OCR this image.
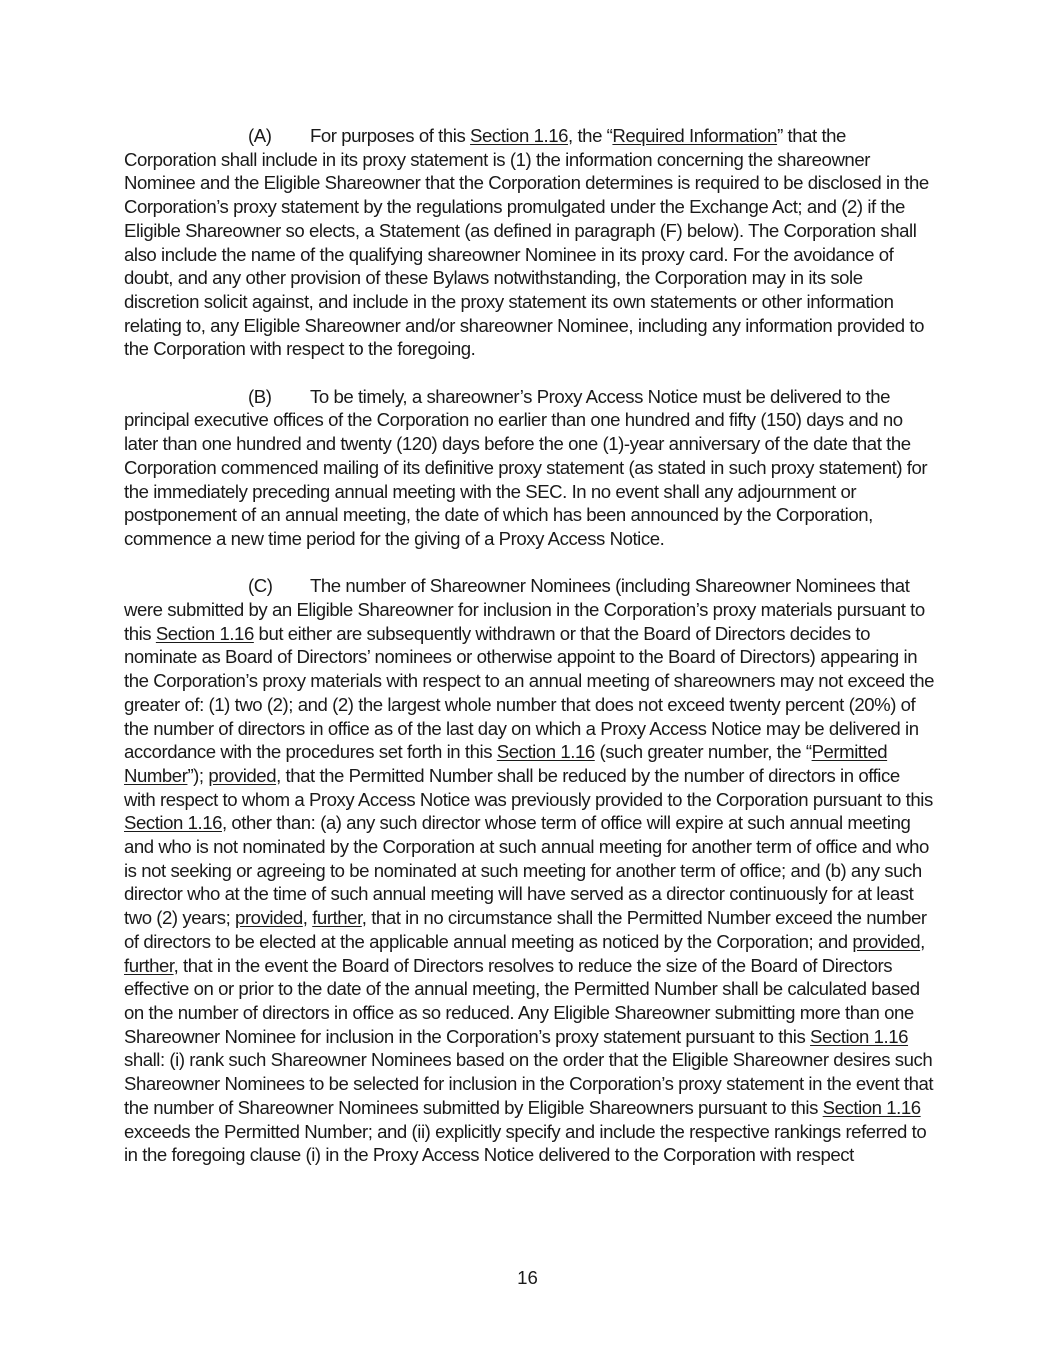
(A) For purposes of this Section 1.16, the “Required Information” that the Corporation shall include in its proxy statement is (1) the information concerning the shareowner Nominee and the Eligible Shareowner that the Corporation determines is required to be disclosed in the Corporation’s proxy statement by the regulations promulgated under the Exchange Act; and (2) if the Eligible Shareowner so elects, a Statement (as defined in paragraph (F) below). The Corporation shall also include the name of the qualifying shareowner Nominee in its proxy card. For the avoidance of doubt, and any other provision of these Bylaws notwithstanding, the Corporation may in its sole discretion solicit against, and include in the proxy statement its own statements or other information relating to, any Eligible Shareowner and/or shareowner Nominee, including any information provided to the Corporation with respect to the foregoing.

(B) To be timely, a shareowner’s Proxy Access Notice must be delivered to the principal executive offices of the Corporation no earlier than one hundred and fifty (150) days and no later than one hundred and twenty (120) days before the one (1)-year anniversary of the date that the Corporation commenced mailing of its definitive proxy statement (as stated in such proxy statement) for the immediately preceding annual meeting with the SEC. In no event shall any adjournment or postponement of an annual meeting, the date of which has been announced by the Corporation, commence a new time period for the giving of a Proxy Access Notice.

(C) The number of Shareowner Nominees (including Shareowner Nominees that were submitted by an Eligible Shareowner for inclusion in the Corporation’s proxy materials pursuant to this Section 1.16 but either are subsequently withdrawn or that the Board of Directors decides to nominate as Board of Directors’ nominees or otherwise appoint to the Board of Directors) appearing in the Corporation’s proxy materials with respect to an annual meeting of shareowners may not exceed the greater of: (1) two (2); and (2) the largest whole number that does not exceed twenty percent (20%) of the number of directors in office as of the last day on which a Proxy Access Notice may be delivered in accordance with the procedures set forth in this Section 1.16 (such greater number, the “Permitted Number”); provided, that the Permitted Number shall be reduced by the number of directors in office with respect to whom a Proxy Access Notice was previously provided to the Corporation pursuant to this Section 1.16, other than: (a) any such director whose term of office will expire at such annual meeting and who is not nominated by the Corporation at such annual meeting for another term of office and who is not seeking or agreeing to be nominated at such meeting for another term of office; and (b) any such director who at the time of such annual meeting will have served as a director continuously for at least two (2) years; provided, further, that in no circumstance shall the Permitted Number exceed the number of directors to be elected at the applicable annual meeting as noticed by the Corporation; and provided, further, that in the event the Board of Directors resolves to reduce the size of the Board of Directors effective on or prior to the date of the annual meeting, the Permitted Number shall be calculated based on the number of directors in office as so reduced. Any Eligible Shareowner submitting more than one Shareowner Nominee for inclusion in the Corporation’s proxy statement pursuant to this Section 1.16 shall: (i) rank such Shareowner Nominees based on the order that the Eligible Shareowner desires such Shareowner Nominees to be selected for inclusion in the Corporation’s proxy statement in the event that the number of Shareowner Nominees submitted by Eligible Shareowners pursuant to this Section 1.16 exceeds the Permitted Number; and (ii) explicitly specify and include the respective rankings referred to in the foregoing clause (i) in the Proxy Access Notice delivered to the Corporation with respect

16
